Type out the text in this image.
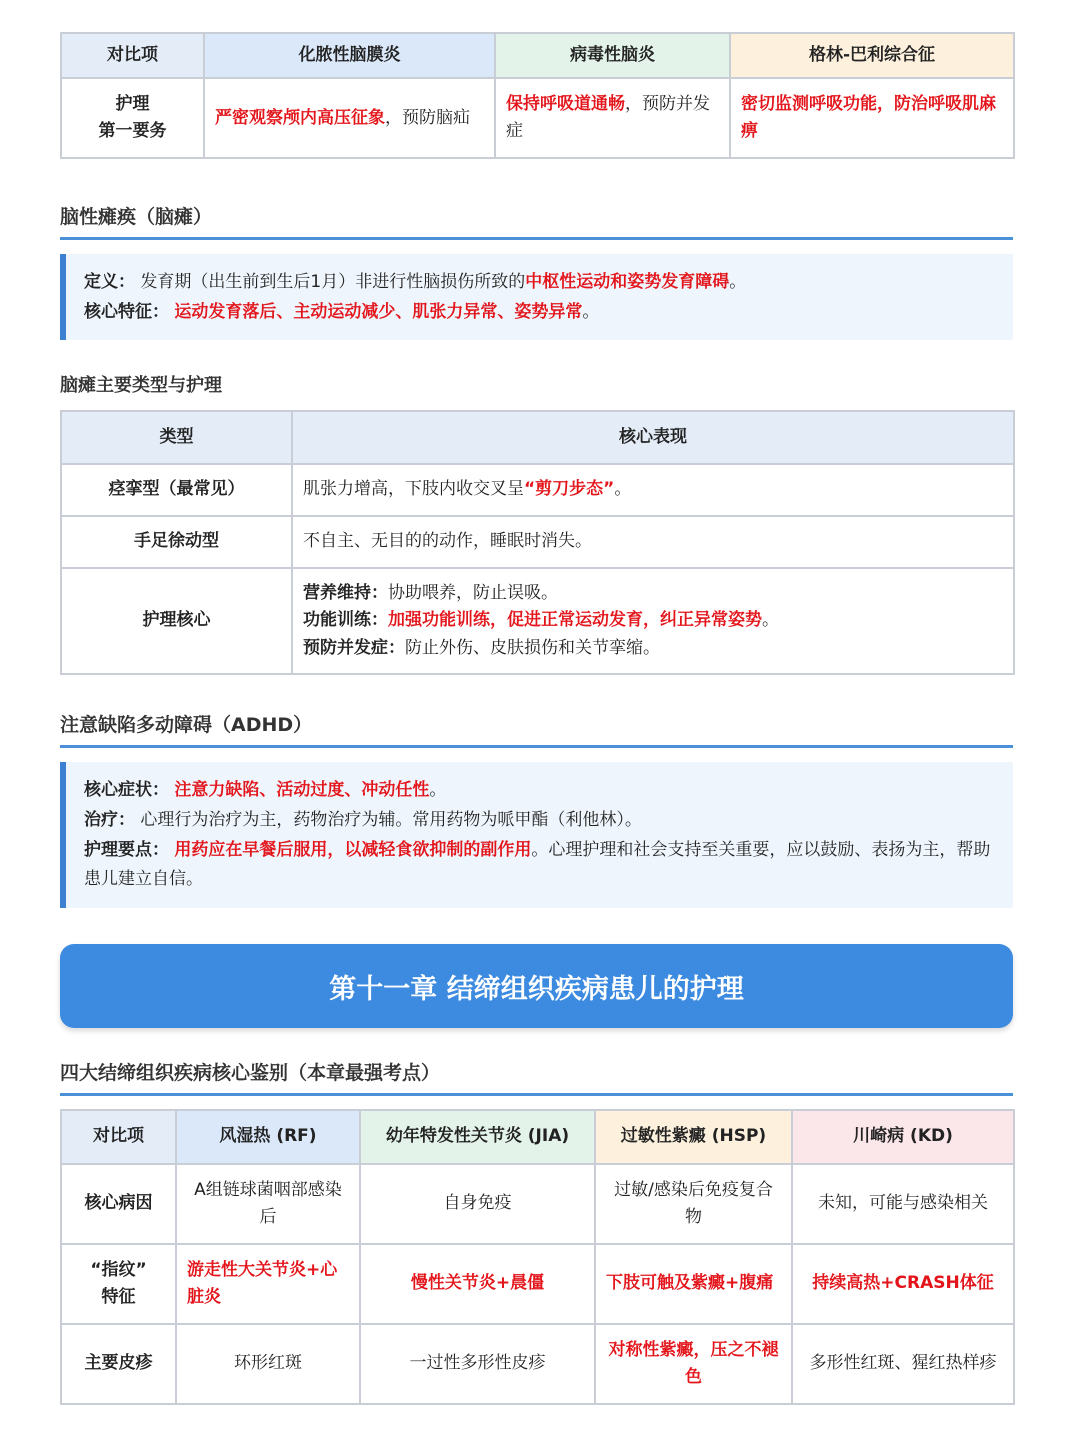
对比项	化脓性脑膜炎	病毒性脑炎	格林-巴利综合征
护理
第一要务	严密观察颅内高压征象，预防脑疝	保持呼吸道通畅，预防并发症	密切监测呼吸功能，防治呼吸肌麻痹
脑性瘫痪（脑瘫）
定义： 发育期（出生前到生后1月）非进行性脑损伤所致的中枢性运动和姿势发育障碍。
核心特征： 运动发育落后、主动运动减少、肌张力异常、姿势异常。
脑瘫主要类型与护理
类型	核心表现
痉挛型（最常见）	肌张力增高，下肢内收交叉呈“剪刀步态”。
手足徐动型	不自主、无目的的动作，睡眠时消失。
护理核心	营养维持：协助喂养，防止误吸。
功能训练：加强功能训练，促进正常运动发育，纠正异常姿势。
预防并发症：防止外伤、皮肤损伤和关节挛缩。
注意缺陷多动障碍（ADHD）
核心症状： 注意力缺陷、活动过度、冲动任性。
治疗： 心理行为治疗为主，药物治疗为辅。常用药物为哌甲酯（利他林）。
护理要点： 用药应在早餐后服用，以减轻食欲抑制的副作用。心理护理和社会支持至关重要，应以鼓励、表扬为主，帮助患儿建立自信。
第十一章 结缔组织疾病患儿的护理
四大结缔组织疾病核心鉴别（本章最强考点）
对比项	风湿热 (RF)	幼年特发性关节炎 (JIA)	过敏性紫癜 (HSP)	川崎病 (KD)
核心病因	A组链球菌咽部感染后	自身免疫	过敏/感染后免疫复合物	未知，可能与感染相关
“指纹”
特征	游走性大关节炎+心脏炎	慢性关节炎+晨僵	下肢可触及紫癜+腹痛	持续高热+CRASH体征
主要皮疹	环形红斑	一过性多形性皮疹	对称性紫癜，压之不褪色	多形性红斑、猩红热样疹
